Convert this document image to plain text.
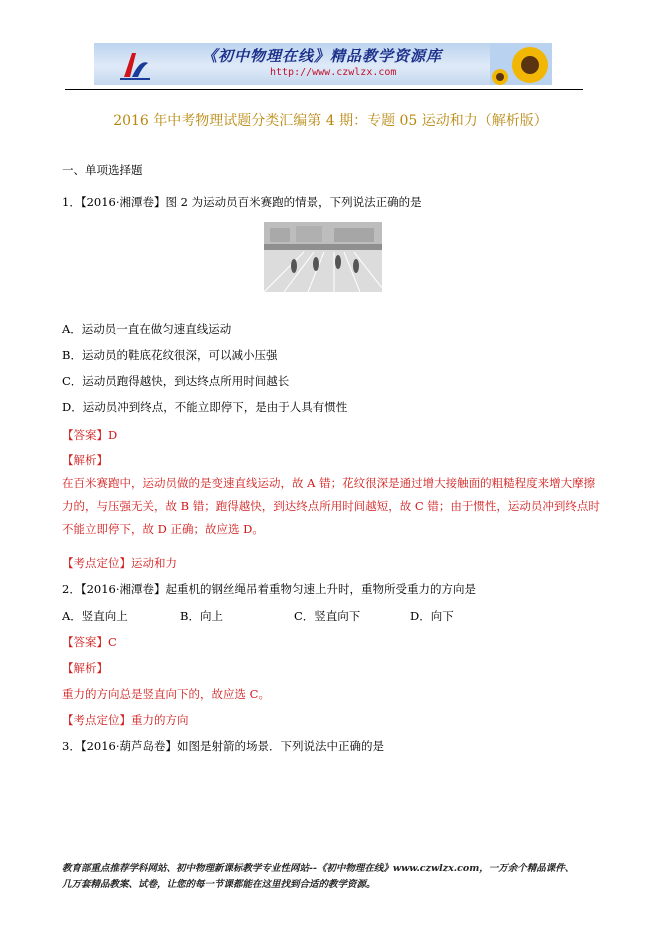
《初中物理在线》精品教学资源库
http://www.czwlzx.com
2016 年中考物理试题分类汇编第 4 期：专题 05 运动和力（解析版）
一、单项选择题
1．【2016·湘潭卷】图 2 为运动员百米赛跑的情景，下列说法正确的是
A．运动员一直在做匀速直线运动
B．运动员的鞋底花纹很深，可以减小压强
C．运动员跑得越快，到达终点所用时间越长
D．运动员冲到终点，不能立即停下，是由于人具有惯性
【答案】D
【解析】
在百米赛跑中，运动员做的是变速直线运动，故 A 错；花纹很深是通过增大接触面的粗糙程度来增大摩擦
力的，与压强无关，故 B 错；跑得越快，到达终点所用时间越短，故 C 错；由于惯性，运动员冲到终点时
不能立即停下，故 D 正确；故应选 D。
【考点定位】运动和力
2．【2016·湘潭卷】起重机的钢丝绳吊着重物匀速上升时，重物所受重力的方向是
A．竖直向上	B．向上	C．竖直向下	D．向下
【答案】C
【解析】
重力的方向总是竖直向下的，故应选 C。
【考点定位】重力的方向
3．【2016·葫芦岛卷】如图是射箭的场景．下列说法中正确的是
教育部重点推荐学科网站、初中物理新课标教学专业性网站--《初中物理在线》www.czwlzx.com，一万余个精品课件、
几万套精品教案、试卷，让您的每一节课都能在这里找到合适的教学资源。
